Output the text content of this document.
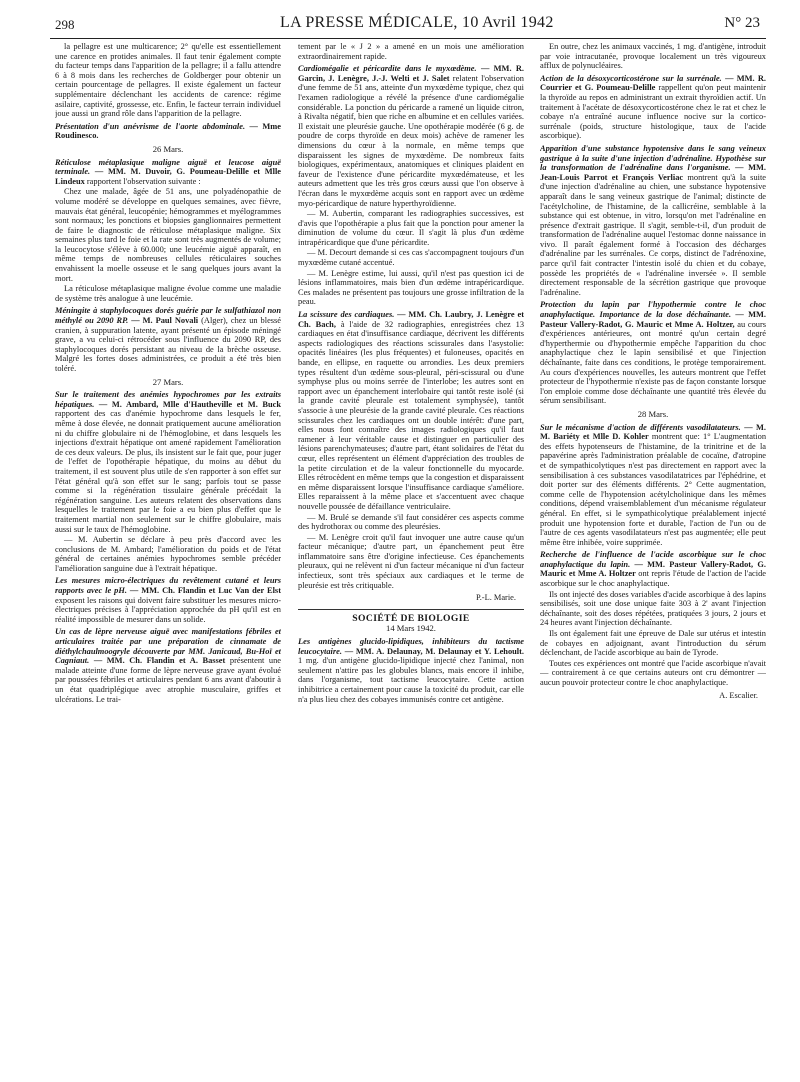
298	LA PRESSE MÉDICALE, 10 Avril 1942	N° 23

la pellagre est une multicarence; 2° qu'elle est essentiellement une carence en protides animales. Il faut tenir également compte du facteur temps dans l'apparition de la pellagre; il a fallu attendre 6 à 8 mois dans les recherches de Goldberger pour obtenir un certain pourcentage de pellagres. Il existe également un facteur supplémentaire déclenchant les accidents de carence: régime asilaire, captivité, grossesse, etc. Enfin, le facteur terrain individuel joue aussi un grand rôle dans l'apparition de la pellagre.

Présentation d'un anévrisme de l'aorte abdominale. — Mme Roudinesco.

26 Mars.

Réticulose métaplasique maligne aiguë et leucose aiguë terminale. — MM. M. Duvoir, G. Poumeau-Delille et Mlle Lindeux rapportent l'observation suivante :

Chez une malade, âgée de 51 ans, une polyadénopathie de volume modéré se développe en quelques semaines, avec fièvre, mauvais état général, leucopénie; hémogrammes et myélogrammes sont normaux; les ponctions et biopsies ganglionnaires permettent de faire le diagnostic de réticulose métaplasique maligne. Six semaines plus tard le foie et la rate sont très augmentés de volume; la leucocytose s'élève à 60.000; une leucémie aiguë apparaît, en même temps de nombreuses cellules réticulaires souches envahissent la moelle osseuse et le sang quelques jours avant la mort.

La réticulose métaplasique maligne évolue comme une maladie de système très analogue à une leucémie.

Méningite à staphylocoques dorés guérie par le sulfathiazol non méthylé ou 2090 RP. — M. Paul Novali (Alger), chez un blessé cranien, à suppuration latente, ayant présenté un épisode méningé grave, a vu celui-ci rétrocéder sous l'influence du 2090 RP, des staphylocoques dorés persistant au niveau de la brèche osseuse. Malgré les fortes doses administrées, ce produit a été très bien toléré.

27 Mars.

Sur le traitement des anémies hypochromes par les extraits hépatiques. — M. Ambard, Mlle d'Hautheville et M. Buck rapportent des cas d'anémie hypochrome dans lesquels le fer, même à dose élevée, ne donnait pratiquement aucune amélioration ni du chiffre globulaire ni de l'hémoglobine, et dans lesquels les injections d'extrait hépatique ont amené rapidement l'amélioration de ces deux valeurs. De plus, ils insistent sur le fait que, pour juger de l'effet de l'opothérapie hépatique, du moins au début du traitement, il est souvent plus utile de s'en rapporter à son effet sur l'état général qu'à son effet sur le sang; parfois tout se passe comme si la régénération tissulaire générale précédait la régénération sanguine. Les auteurs relatent des observations dans lesquelles le traitement par le foie a eu bien plus d'effet que le traitement martial non seulement sur le chiffre globulaire, mais aussi sur le taux de l'hémoglobine.

— M. Aubertin se déclare à peu près d'accord avec les conclusions de M. Ambard; l'amélioration du poids et de l'état général de certaines anémies hypochromes semble précéder l'amélioration sanguine due à l'extrait hépatique.

Les mesures micro-électriques du revêtement cutané et leurs rapports avec le pH. — MM. Ch. Flandin et Luc Van der Elst exposent les raisons qui doivent faire substituer les mesures micro-électriques précises à l'appréciation approchée du pH qu'il est en réalité impossible de mesurer dans un solide.

Un cas de lèpre nerveuse aiguë avec manifestations fébriles et articulaires traitée par une préparation de cinnamate de diéthylchaulmoogryle découverte par MM. Janicaud, Bu-Hoï et Cagniaut. — MM. Ch. Flandin et A. Basset présentent une malade atteinte d'une forme de lèpre nerveuse grave ayant évolué par poussées fébriles et articulaires pendant 6 ans avant d'aboutir à un état quadriplégique avec atrophie musculaire, griffes et ulcérations. Le trai-

tement par le « J 2 » a amené en un mois une amélioration extraordinairement rapide.

Cardiomégalie et péricardite dans le myxœdème. — MM. R. Garcin, J. Lenègre, J.-J. Welti et J. Salet relatent l'observation d'une femme de 51 ans, atteinte d'un myxœdème typique, chez qui l'examen radiologique a révélé la présence d'une cardiomégalie considérable. La ponction du péricarde a ramené un liquide citron, à Rivalta négatif, bien que riche en albumine et en cellules variées. Il existait une pleurésie gauche. Une opothérapie modérée (6 g. de poudre de corps thyroïde en deux mois) achève de ramener les dimensions du cœur à la normale, en même temps que disparaissent les signes de myxœdème. De nombreux faits biologiques, expérimentaux, anatomiques et cliniques plaident en faveur de l'existence d'une péricardite myxœdémateuse, et les auteurs admettent que les très gros cœurs aussi que l'on observe à l'écran dans le myxœdème acquis sont en rapport avec un œdème myo-péricardique de nature hyperthyroïdienne.

— M. Aubertin, comparant les radiographies successives, est d'avis que l'opothérapie a plus fait que la ponction pour amener la diminution de volume du cœur. Il s'agit là plus d'un œdème intrapéricardique que d'une péricardite.

— M. Decourt demande si ces cas s'accompagnent toujours d'un myxœdème cutané accentué.

— M. Lenègre estime, lui aussi, qu'il n'est pas question ici de lésions inflammatoires, mais bien d'un œdème intrapéricardique. Ces malades ne présentent pas toujours une grosse infiltration de la peau.

La scissure des cardiaques. — MM. Ch. Laubry, J. Lenègre et Ch. Bach, à l'aide de 32 radiographies, enregistrées chez 13 cardiaques en état d'insuffisance cardiaque, décrivent les différents aspects radiologiques des réactions scissurales dans l'asystolie: opacités linéaires (les plus fréquentes) et fuloneuses, opacités en bande, en ellipse, en raquette ou arrondies. Les deux premiers types résultent d'un œdème sous-pleural, péri-scissural ou d'une symphyse plus ou moins serrée de l'interlobe; les autres sont en rapport avec un épanchement interlobaire qui tantôt reste isolé (si la grande cavité pleurale est totalement symphysée), tantôt s'associe à une pleurésie de la grande cavité pleurale. Ces réactions scissurales chez les cardiaques ont un double intérêt: d'une part, elles nous font connaître des images radiologiques qu'il faut ramener à leur véritable cause et distinguer en particulier des lésions parenchymateuses; d'autre part, étant solidaires de l'état du cœur, elles représentent un élément d'appréciation des troubles de la petite circulation et de la valeur fonctionnelle du myocarde. Elles rétrocèdent en même temps que la congestion et disparaissent en même disparaissent lorsque l'insuffisance cardiaque s'améliore. Elles reparaissent à la même place et s'accentuent avec chaque nouvelle poussée de défaillance ventriculaire.

— M. Brulé se demande s'il faut considérer ces aspects comme des hydrothorax ou comme des pleurésies.

— M. Lenègre croit qu'il faut invoquer une autre cause qu'un facteur mécanique; d'autre part, un épanchement peut être inflammatoire sans être d'origine infectieuse. Ces épanchements pleuraux, qui ne relèvent ni d'un facteur mécanique ni d'un facteur infectieux, sont très spéciaux aux cardiaques et le terme de pleurésie est très critiquable.

P.-L. Marie.
SOCIÉTÉ DE BIOLOGIE
14 Mars 1942.

Les antigènes glucido-lipidiques, inhibiteurs du tactisme leucocytaire. — MM. A. Delaunay, M. Delaunay et Y. Lehoult. 1 mg. d'un antigène glucido-lipidique injecté chez l'animal, non seulement n'attire pas les globules blancs, mais encore il inhibe, dans l'organisme, tout tactisme leucocytaire. Cette action inhibitrice a certainement pour cause la toxicité du produit, car elle n'a plus lieu chez des cobayes immunisés contre cet antigène.

En outre, chez les animaux vaccinés, 1 mg. d'antigène, introduit par voie intracutanée, provoque localement un très vigoureux afflux de polynucléaires.

Action de la désoxycorticostérone sur la surrénale. — MM. R. Courrier et G. Poumeau-Delille rappellent qu'on peut maintenir la thyroïde au repos en administrant un extrait thyroïdien actif. Un traitement à l'acétate de désoxycorticostérone chez le rat et chez le cobaye n'a entraîné aucune influence nocive sur la cortico-surrénale (poids, structure histologique, taux de l'acide ascorbique).

Apparition d'une substance hypotensive dans le sang veineux gastrique à la suite d'une injection d'adrénaline. Hypothèse sur la transformation de l'adrénaline dans l'organisme. — MM. Jean-Louis Parrot et François Verliac montrent qu'à la suite d'une injection d'adrénaline au chien, une substance hypotensive apparaît dans le sang veineux gastrique de l'animal; distincte de l'acétylcholine, de l'histamine, de la callicréine, semblable à la substance qui est obtenue, in vitro, lorsqu'on met l'adrénaline en présence d'extrait gastrique. Il s'agit, semble-t-il, d'un produit de transformation de l'adrénaline auquel l'estomac donne naissance in vivo. Il paraît également formé à l'occasion des décharges d'adrénaline par les surrénales. Ce corps, distinct de l'adrénoxine, parce qu'il fait contracter l'intestin isolé du chien et du cobaye, possède les propriétés de « l'adrénaline inversée ». Il semble directement responsable de la sécrétion gastrique que provoque l'adrénaline.

Protection du lapin par l'hypothermie contre le choc anaphylactique. Importance de la dose déchaînante. — MM. Pasteur Vallery-Radot, G. Mauric et Mme A. Holtzer, au cours d'expériences antérieures, ont montré qu'un certain degré d'hyperthermie ou d'hypothermie empêche l'apparition du choc anaphylactique chez le lapin sensibilisé et que l'injection déchaînante, faite dans ces conditions, le protège temporairement. Au cours d'expériences nouvelles, les auteurs montrent que l'effet protecteur de l'hypothermie n'existe pas de façon constante lorsque l'on emploie comme dose déchaînante une quantité très élevée du sérum sensibilisant.

28 Mars.

Sur le mécanisme d'action de différents vasodilatateurs. — M. M. Bariéty et Mlle D. Kohler montrent que: 1° L'augmentation des effets hypotenseurs de l'histamine, de la trinitrine et de la papavérine après l'administration préalable de cocaïne, d'atropine et de sympathicolytiques n'est pas directement en rapport avec la sensibilisation à ces substances vasodilatatrices par l'éphédrine, et doit porter sur des éléments différents. 2° Cette augmentation, comme celle de l'hypotension acétylcholinique dans les mêmes conditions, dépend vraisemblablement d'un mécanisme régulateur général. En effet, si le sympathicolytique préalablement injecté produit une hypotension forte et durable, l'action de l'un ou de l'autre de ces agents vasodilatateurs n'est pas augmentée; elle peut même être inhibée, voire supprimée.

Recherche de l'influence de l'acide ascorbique sur le choc anaphylactique du lapin. — MM. Pasteur Vallery-Radot, G. Mauric et Mme A. Holtzer ont repris l'étude de l'action de l'acide ascorbique sur le choc anaphylactique.

Ils ont injecté des doses variables d'acide ascorbique à des lapins sensibilisés, soit une dose unique faite 303 à 2' avant l'injection déchaînante, soit des doses répétées, pratiquées 3 jours, 2 jours et 24 heures avant l'injection déchaînante.

Ils ont également fait une épreuve de Dale sur utérus et intestin de cobayes en adjoignant, avant l'introduction du sérum déclenchant, de l'acide ascorbique au bain de Tyrode.

Toutes ces expériences ont montré que l'acide ascorbique n'avait — contrairement à ce que certains auteurs ont cru démontrer — aucun pouvoir protecteur contre le choc anaphylactique.

A. Escalier.
